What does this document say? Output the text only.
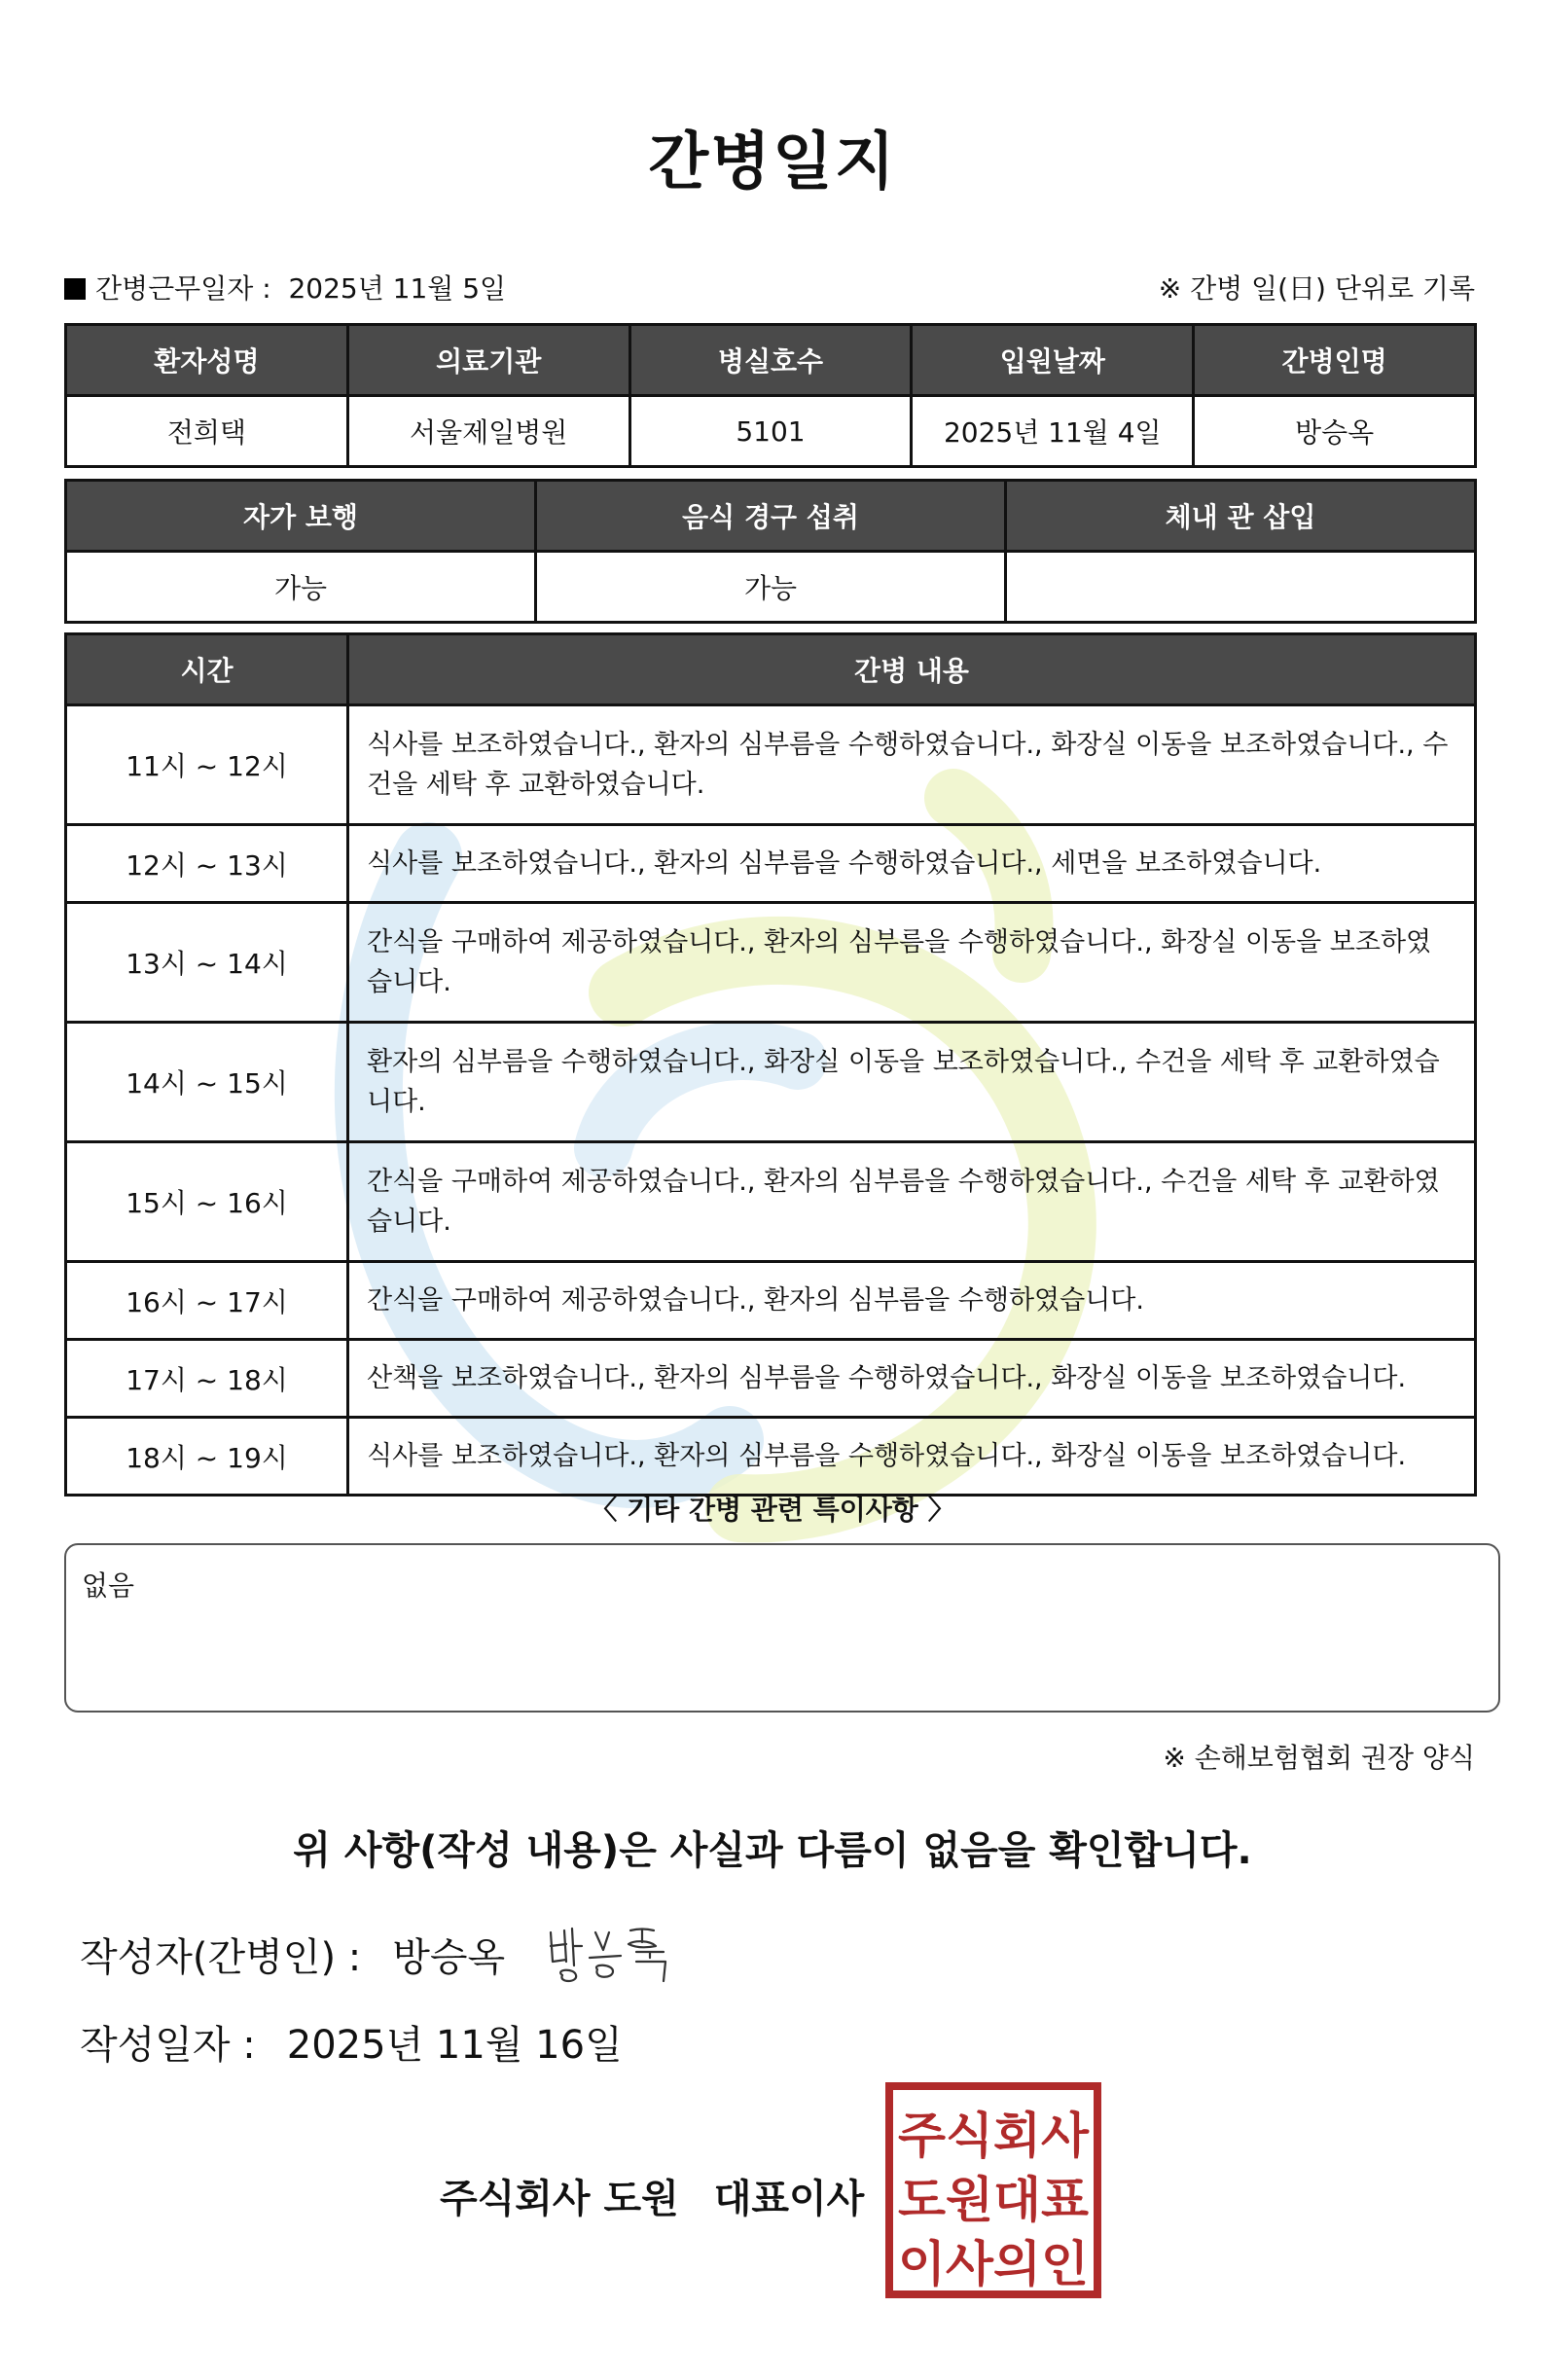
간병일지
간병근무일자 : 2025년 11월 5일	※ 간병 일(日) 단위로 기록
환자성명	의료기관	병실호수	입원날짜	간병인명
전희택	서울제일병원	5101	2025년 11월 4일	방승옥
자가 보행	음식 경구 섭취	체내 관 삽입
가능	가능	
시간	간병 내용
11시 ~ 12시	식사를 보조하였습니다., 환자의 심부름을 수행하였습니다., 화장실 이동을 보조하였습니다., 수건을 세탁 후 교환하였습니다.
12시 ~ 13시	식사를 보조하였습니다., 환자의 심부름을 수행하였습니다., 세면을 보조하였습니다.
13시 ~ 14시	간식을 구매하여 제공하였습니다., 환자의 심부름을 수행하였습니다., 화장실 이동을 보조하였습니다.
14시 ~ 15시	환자의 심부름을 수행하였습니다., 화장실 이동을 보조하였습니다., 수건을 세탁 후 교환하였습니다.
15시 ~ 16시	간식을 구매하여 제공하였습니다., 환자의 심부름을 수행하였습니다., 수건을 세탁 후 교환하였습니다.
16시 ~ 17시	간식을 구매하여 제공하였습니다., 환자의 심부름을 수행하였습니다.
17시 ~ 18시	산책을 보조하였습니다., 환자의 심부름을 수행하였습니다., 화장실 이동을 보조하였습니다.
18시 ~ 19시	식사를 보조하였습니다., 환자의 심부름을 수행하였습니다., 화장실 이동을 보조하였습니다.
〈 기타 간병 관련 특이사항 〉
없음
※ 손해보험협회 권장 양식
위 사항(작성 내용)은 사실과 다름이 없음을 확인합니다.
작성자(간병인) : 방승옥
작성일자 : 2025년 11월 16일
주식회사 도원 대표이사
주식회사
도원대표
이사의인
